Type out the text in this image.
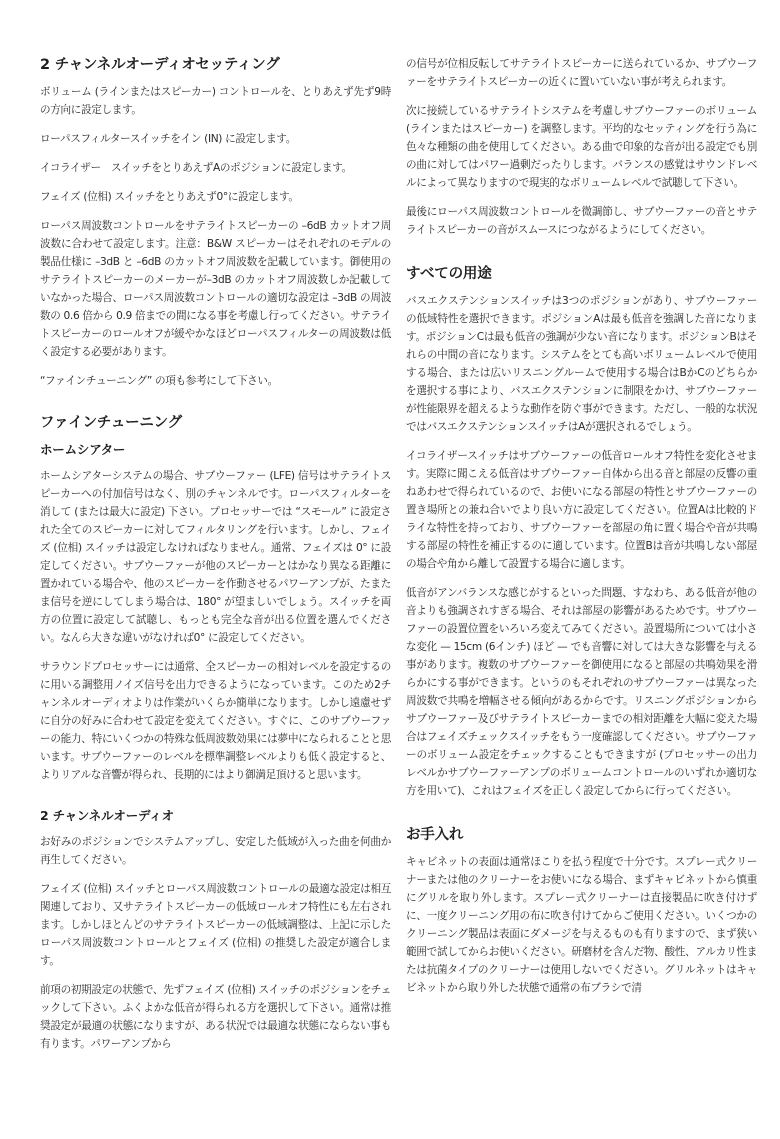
2 チャンネルオーディオセッティング

ボリューム (ラインまたはスピーカー) コントロールを、とりあえず先ず9時の方向に設定します。

ローパスフィルタースイッチをイン (IN) に設定します。

イコライザー　スイッチをとりあえずAのポジションに設定します。

フェイズ (位相) スイッチをとりあえず0°に設定します。

ローパス周波数コントロールをサテライトスピーカーの –6dB カットオフ周波数に合わせて設定します。注意：B&W スピーカーはそれぞれのモデルの製品仕様に –3dB と –6dB のカットオフ周波数を記載しています。御使用のサテライトスピーカーのメーカーが–3dB のカットオフ周波数しか記載していなかった場合、ローパス周波数コントロールの適切な設定は –3dB の周波数の 0.6 倍から 0.9 倍までの間になる事を考慮し行ってください。サテライトスピーカーのロールオフが緩やかなほどローパスフィルターの周波数は低く設定する必要があります。

“ファインチューニング” の項も参考にして下さい。

ファインチューニング
ホームシアター

ホームシアターシステムの場合、サブウーファー (LFE) 信号はサテライトスピーカーへの付加信号はなく、別のチャンネルです。ローパスフィルターを消して (または最大に設定) 下さい。プロセッサーでは “スモール” に設定された全てのスピーカーに対してフィルタリングを行います。しかし、フェイズ (位相) スイッチは設定しなければなりません。通常、フェイズは 0° に設定してください。サブウーファーが他のスピーカーとはかなり異なる距離に置かれている場合や、他のスピーカーを作動させるパワーアンプが、たまたま信号を逆にしてしまう場合は、180° が望ましいでしょう。スイッチを両方の位置に設定して試聴し、もっとも完全な音が出る位置を選んでください。なんら大きな違いがなければ0° に設定してください。

サラウンドプロセッサーには通常、全スピーカーの相対レベルを設定するのに用いる調整用ノイズ信号を出力できるようになっています。このため2チャンネルオーディオよりは作業がいくらか簡単になります。しかし遠慮せずに自分の好みに合わせて設定を変えてください。すぐに、このサブウーファーの能力、特にいくつかの特殊な低周波数効果には夢中になられることと思います。サブウーファーのレベルを標準調整レベルよりも低く設定すると、よりリアルな音響が得られ、長期的にはより御満足頂けると思います。

2 チャンネルオーディオ

お好みのポジションでシステムアップし、安定した低域が入った曲を何曲か再生してください。

フェイズ (位相) スイッチとローパス周波数コントロールの最適な設定は相互関連しており、又サテライトスピーカーの低域ロールオフ特性にも左右されます。しかしほとんどのサテライトスピーカーの低域調整は、上記に示したローパス周波数コントロールとフェイズ (位相) の推奨した設定が適合します。

前項の初期設定の状態で、先ずフェイズ (位相) スイッチのポジションをチェックして下さい。ふくよかな低音が得られる方を選択して下さい。通常は推奨設定が最適の状態になりますが、ある状況では最適な状態にならない事も有ります。パワーアンプから

の信号が位相反転してサテライトスピーカーに送られているか、サブウーファーをサテライトスピーカーの近くに置いていない事が考えられます。

次に接続しているサテライトシステムを考慮しサブウーファーのボリューム (ラインまたはスピーカー) を調整します。平均的なセッティングを行う為に色々な種類の曲を使用してください。ある曲で印象的な音が出る設定でも別の曲に対してはパワー過剰だったりします。バランスの感覚はサウンドレベルによって異なりますので現実的なボリュームレベルで試聴して下さい。

最後にローパス周波数コントロールを微調節し、サブウーファーの音とサテライトスピーカーの音がスムースにつながるようにしてください。

すべての用途

バスエクステンションスイッチは3つのポジションがあり、サブウーファーの低域特性を選択できます。ポジションAは最も低音を強調した音になります。ポジションCは最も低音の強調が少ない音になります。ポジションBはそれらの中間の音になります。システムをとても高いボリュームレベルで使用する場合、または広いリスニングルームで使用する場合はBかCのどちらかを選択する事により、バスエクステンションに制限をかけ、サブウーファーが性能限界を超えるような動作を防ぐ事ができます。ただし、一般的な状況ではバスエクステンションスイッチはAが選択されるでしょう。

イコライザースイッチはサブウーファーの低音ロールオフ特性を変化させます。実際に聞こえる低音はサブウーファー自体から出る音と部屋の反響の重ねあわせで得られているので、お使いになる部屋の特性とサブウーファーの置き場所との兼ね合いでより良い方に設定してください。位置Aは比較的ドライな特性を持っており、サブウーファーを部屋の角に置く場合や音が共鳴する部屋の特性を補正するのに適しています。位置Bは音が共鳴しない部屋の場合や角から離して設置する場合に適します。

低音がアンバランスな感じがするといった問題、すなわち、ある低音が他の音よりも強調されすぎる場合、それは部屋の影響があるためです。サブウーファーの設置位置をいろいろ変えてみてください。設置場所については小さな変化 — 15cm (6インチ) ほど — でも音響に対しては大きな影響を与える事があります。複数のサブウーファーを御使用になると部屋の共鳴効果を滑らかにする事ができます。というのもそれぞれのサブウーファーは異なった周波数で共鳴を増幅させる傾向があるからです。リスニングポジションからサブウーファー及びサテライトスピーカーまでの相対距離を大幅に変えた場合はフェイズチェックスイッチをもう一度確認してください。サブウーファーのボリューム設定をチェックすることもできますが (プロセッサーの出力レベルかサブウーファーアンプのボリュームコントロールのいずれか適切な方を用いて)、これはフェイズを正しく設定してからに行ってください。

お手入れ

キャビネットの表面は通常ほこりを払う程度で十分です。スプレー式クリーナーまたは他のクリーナーをお使いになる場合、まずキャビネットから慎重にグリルを取り外します。スプレー式クリーナーは直接製品に吹き付けずに、一度クリーニング用の布に吹き付けてからご使用ください。いくつかのクリーニング製品は表面にダメージを与えるものも有りますので、まず狭い範囲で試してからお使いください。研磨材を含んだ物、酸性、アルカリ性または抗菌タイプのクリーナーは使用しないでください。グリルネットはキャビネットから取り外した状態で通常の布ブラシで清
